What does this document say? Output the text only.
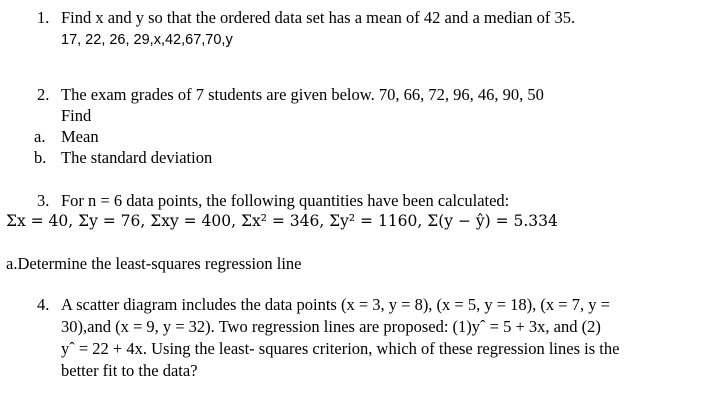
1. Find x and y so that the ordered data set has a mean of 42 and a median of 35.
17, 22, 26, 29,x,42,67,70,y
2. The exam grades of 7 students are given below. 70, 66, 72, 96, 46, 90, 50
Find
a. Mean
b. The standard deviation
3. For n = 6 data points, the following quantities have been calculated:
Σx = 40, Σy = 76, Σxy = 400, Σx² = 346, Σy² = 1160, Σ(y − ŷ) = 5.334
a.Determine the least-squares regression line
4. A scatter diagram includes the data points (x = 3, y = 8), (x = 5, y = 18), (x = 7, y =
30),and (x = 9, y = 32). Two regression lines are proposed: (1)yˆ = 5 + 3x, and (2)
yˆ = 22 + 4x. Using the least- squares criterion, which of these regression lines is the
better fit to the data?
